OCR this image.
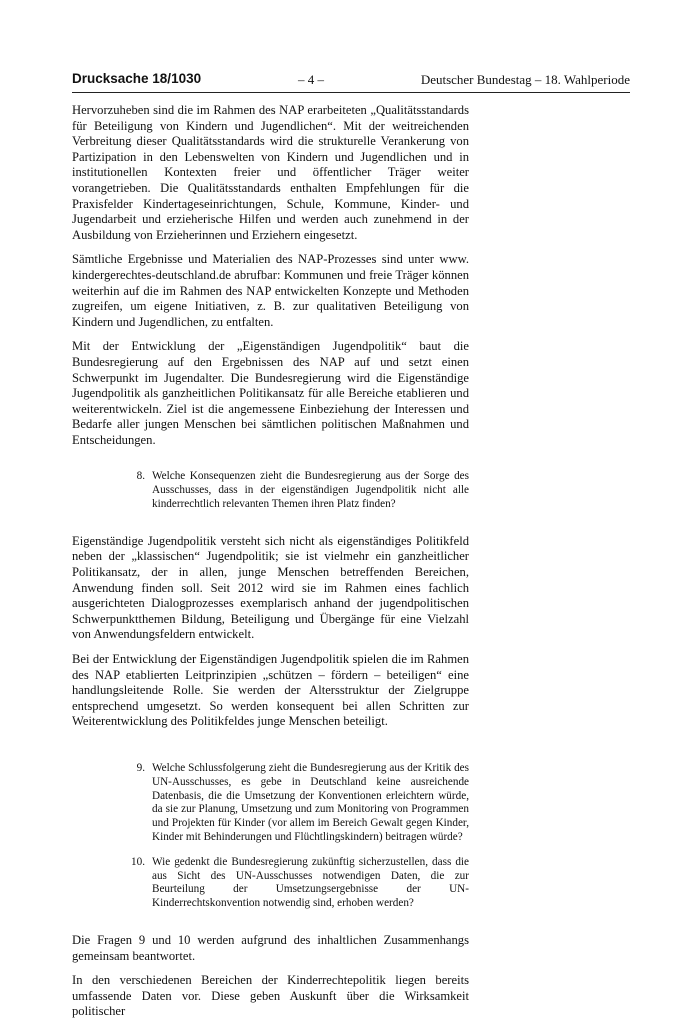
Drucksache 18/1030	– 4 –	Deutscher Bundestag – 18. Wahlperiode

Hervorzuheben sind die im Rahmen des NAP erarbeiteten „Qualitätsstandards für Beteiligung von Kindern und Jugendlichen“. Mit der weitreichenden Verbreitung dieser Qualitätsstandards wird die strukturelle Verankerung von Partizipation in den Lebenswelten von Kindern und Jugendlichen und in institutionellen Kontexten freier und öffentlicher Träger weiter vorangetrieben. Die Qualitätsstandards enthalten Empfehlungen für die Praxisfelder Kindertageseinrichtungen, Schule, Kommune, Kinder- und Jugendarbeit und erzieherische Hilfen und werden auch zunehmend in der Ausbildung von Erzieherinnen und Erziehern eingesetzt.

Sämtliche Ergebnisse und Materialien des NAP-Prozesses sind unter www. kindergerechtes-deutschland.de abrufbar: Kommunen und freie Träger können weiterhin auf die im Rahmen des NAP entwickelten Konzepte und Methoden zugreifen, um eigene Initiativen, z. B. zur qualitativen Beteiligung von Kindern und Jugendlichen, zu entfalten.

Mit der Entwicklung der „Eigenständigen Jugendpolitik“ baut die Bundesregierung auf den Ergebnissen des NAP auf und setzt einen Schwerpunkt im Jugendalter. Die Bundesregierung wird die Eigenständige Jugendpolitik als ganzheitlichen Politikansatz für alle Bereiche etablieren und weiterentwickeln. Ziel ist die angemessene Einbeziehung der Interessen und Bedarfe aller jungen Menschen bei sämtlichen politischen Maßnahmen und Entscheidungen.

8. Welche Konsequenzen zieht die Bundesregierung aus der Sorge des Ausschusses, dass in der eigenständigen Jugendpolitik nicht alle kinderrechtlich relevanten Themen ihren Platz finden?

Eigenständige Jugendpolitik versteht sich nicht als eigenständiges Politikfeld neben der „klassischen“ Jugendpolitik; sie ist vielmehr ein ganzheitlicher Politikansatz, der in allen, junge Menschen betreffenden Bereichen, Anwendung finden soll. Seit 2012 wird sie im Rahmen eines fachlich ausgerichteten Dialogprozesses exemplarisch anhand der jugendpolitischen Schwerpunktthemen Bildung, Beteiligung und Übergänge für eine Vielzahl von Anwendungsfeldern entwickelt.

Bei der Entwicklung der Eigenständigen Jugendpolitik spielen die im Rahmen des NAP etablierten Leitprinzipien „schützen – fördern – beteiligen“ eine handlungsleitende Rolle. Sie werden der Altersstruktur der Zielgruppe entsprechend umgesetzt. So werden konsequent bei allen Schritten zur Weiterentwicklung des Politikfeldes junge Menschen beteiligt.

9. Welche Schlussfolgerung zieht die Bundesregierung aus der Kritik des UN-Ausschusses, es gebe in Deutschland keine ausreichende Datenbasis, die die Umsetzung der Konventionen erleichtern würde, da sie zur Planung, Umsetzung und zum Monitoring von Programmen und Projekten für Kinder (vor allem im Bereich Gewalt gegen Kinder, Kinder mit Behinderungen und Flüchtlingskindern) beitragen würde?
10. Wie gedenkt die Bundesregierung zukünftig sicherzustellen, dass die aus Sicht des UN-Ausschusses notwendigen Daten, die zur Beurteilung der Umsetzungsergebnisse der UN-Kinderrechtskonvention notwendig sind, erhoben werden?

Die Fragen 9 und 10 werden aufgrund des inhaltlichen Zusammenhangs gemeinsam beantwortet.

In den verschiedenen Bereichen der Kinderrechtepolitik liegen bereits umfassende Daten vor. Diese geben Auskunft über die Wirksamkeit politischer
